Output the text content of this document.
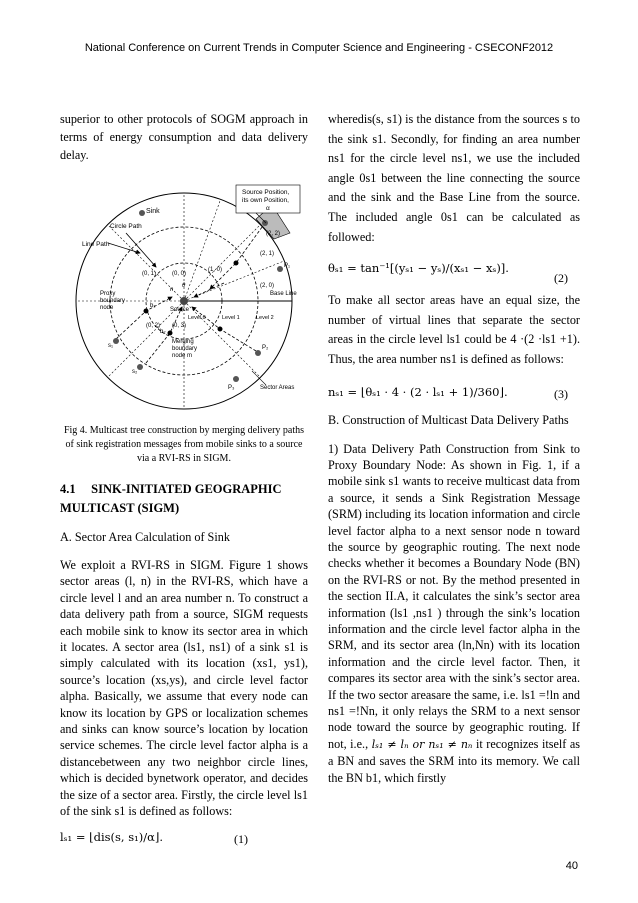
National Conference on Current Trends in Computer Science and Engineering - CSECONF2012

superior to other protocols of SOGM approach in terms of energy consumption and data delivery delay.

Source Position, its own Position, α
Sink
Circle Path
Line Path
Proxy boundary node	Source
Base Line
Level 0	Level 1	Level 2
Merging boundary node m
Sector Areas
(2, 2)
(2, 1)
(2, 0)
(1, 0)
(0, 1)	(0, 0)
(0, 2) (0, 3)
θ
n
b₁
b₂
s₁
s₂
P₁
P₂
P₃

Fig 4. Multicast tree construction by merging delivery paths of sink registration messages from mobile sinks to a source via a RVI-RS in SIGM.

4.1 SINK-INITIATED GEOGRAPHIC MULTICAST (SIGM)

A. Sector Area Calculation of Sink

We exploit a RVI-RS in SIGM. Figure 1 shows sector areas (l, n) in the RVI-RS, which have a circle level l and an area number n. To construct a data delivery path from a source, SIGM requests each mobile sink to know its sector area in which it locates. A sector area (ls1, ns1) of a sink s1 is simply calculated with its location (xs1, ys1), source’s location (xs,ys), and circle level factor alpha. Basically, we assume that every node can know its location by GPS or localization schemes and sinks can know source’s location by location service schemes. The circle level factor alpha is a distancebetween any two neighbor circle lines, which is decided bynetwork operator, and decides the size of a sector area. Firstly, the circle level ls1 of the sink s1 is defined as follows:

lₛ₁ = ⌊dis(s, s₁)/α⌋.	(1)

wheredis(s, s1) is the distance from the sources s to the sink s1. Secondly, for finding an area number ns1 for the circle level ns1, we use the included angle 0s1 between the line connecting the source and the sink and the Base Line from the source. The included angle 0s1 can be calculated as followed:

θₛ₁ = tan⁻¹[(yₛ₁ − yₛ)/(xₛ₁ − xₛ)].
(2)

To make all sector areas have an equal size, the number of virtual lines that separate the sector areas in the circle level ls1 could be 4 ·(2 ·ls1 +1). Thus, the area number ns1 is defined as follows:

nₛ₁ = ⌊θₛ₁ · 4 · (2 · lₛ₁ + 1)/360⌋.	(3)

B. Construction of Multicast Data Delivery Paths

1) Data Delivery Path Construction from Sink to Proxy Boundary Node: As shown in Fig. 1, if a mobile sink s1 wants to receive multicast data from a source, it sends a Sink Registration Message (SRM) including its location information and circle level factor alpha to a next sensor node n toward the source by geographic routing. The next node checks whether it becomes a Boundary Node (BN) on the RVI-RS or not. By the method presented in the section II.A, it calculates the sink’s sector area information (ls1 ,ns1 ) through the sink’s location information and the circle level factor alpha in the SRM, and its sector area (ln,Nn) with its location information and the circle level factor. Then, it compares its sector area with the sink’s sector area. If the two sector areasare the same, i.e. ls1 =!ln and ns1 =!Nn, it only relays the SRM to a next sensor node toward the source by geographic routing. If not, i.e., lₛ₁ ≠ lₙ or nₛ₁ ≠ nₙ it recognizes itself as a BN and saves the SRM into its memory. We call the BN b1, which firstly

40
